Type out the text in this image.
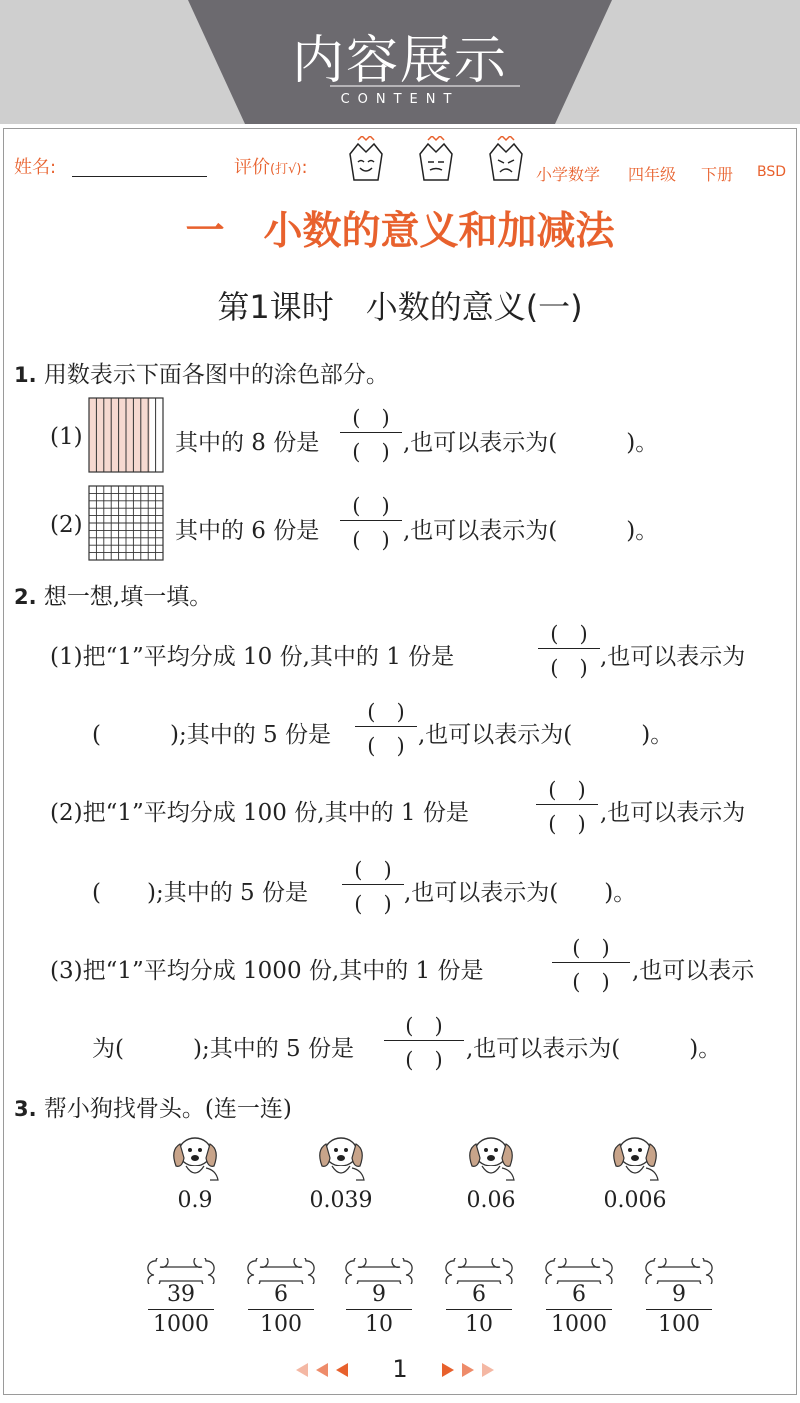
内容展示
CONTENT
姓名:	评价(打√):	小学数学 四年级 下册 BSD
一　小数的意义和加减法
第1课时　小数的意义(一)
1. 用数表示下面各图中的涂色部分。
(1)	其中的 8 份是
(　)
(　) ,也可以表示为(　　　)。
(2)	其中的 6 份是
(　)
(　) ,也可以表示为(　　　)。
2. 想一想,填一填。
(1)把“1”平均分成 10 份,其中的 1 份是
(　)
(　) ,也可以表示为
(　　　);其中的 5 份是
(　)
(　) ,也可以表示为(　　　)。
(2)把“1”平均分成 100 份,其中的 1 份是
(　)
(　) ,也可以表示为
(　　);其中的 5 份是
(　)
(　) ,也可以表示为(　　)。
(3)把“1”平均分成 1000 份,其中的 1 份是
(　)
(　) ,也可以表示
为(　　　);其中的 5 份是
(　)
(　)	,也可以表示为(　　　)。
3. 帮小狗找骨头。(连一连)
0.9	0.039	0.06	0.006
39
1000
6
100
9
10
6
10
6
1000
9
100
1
